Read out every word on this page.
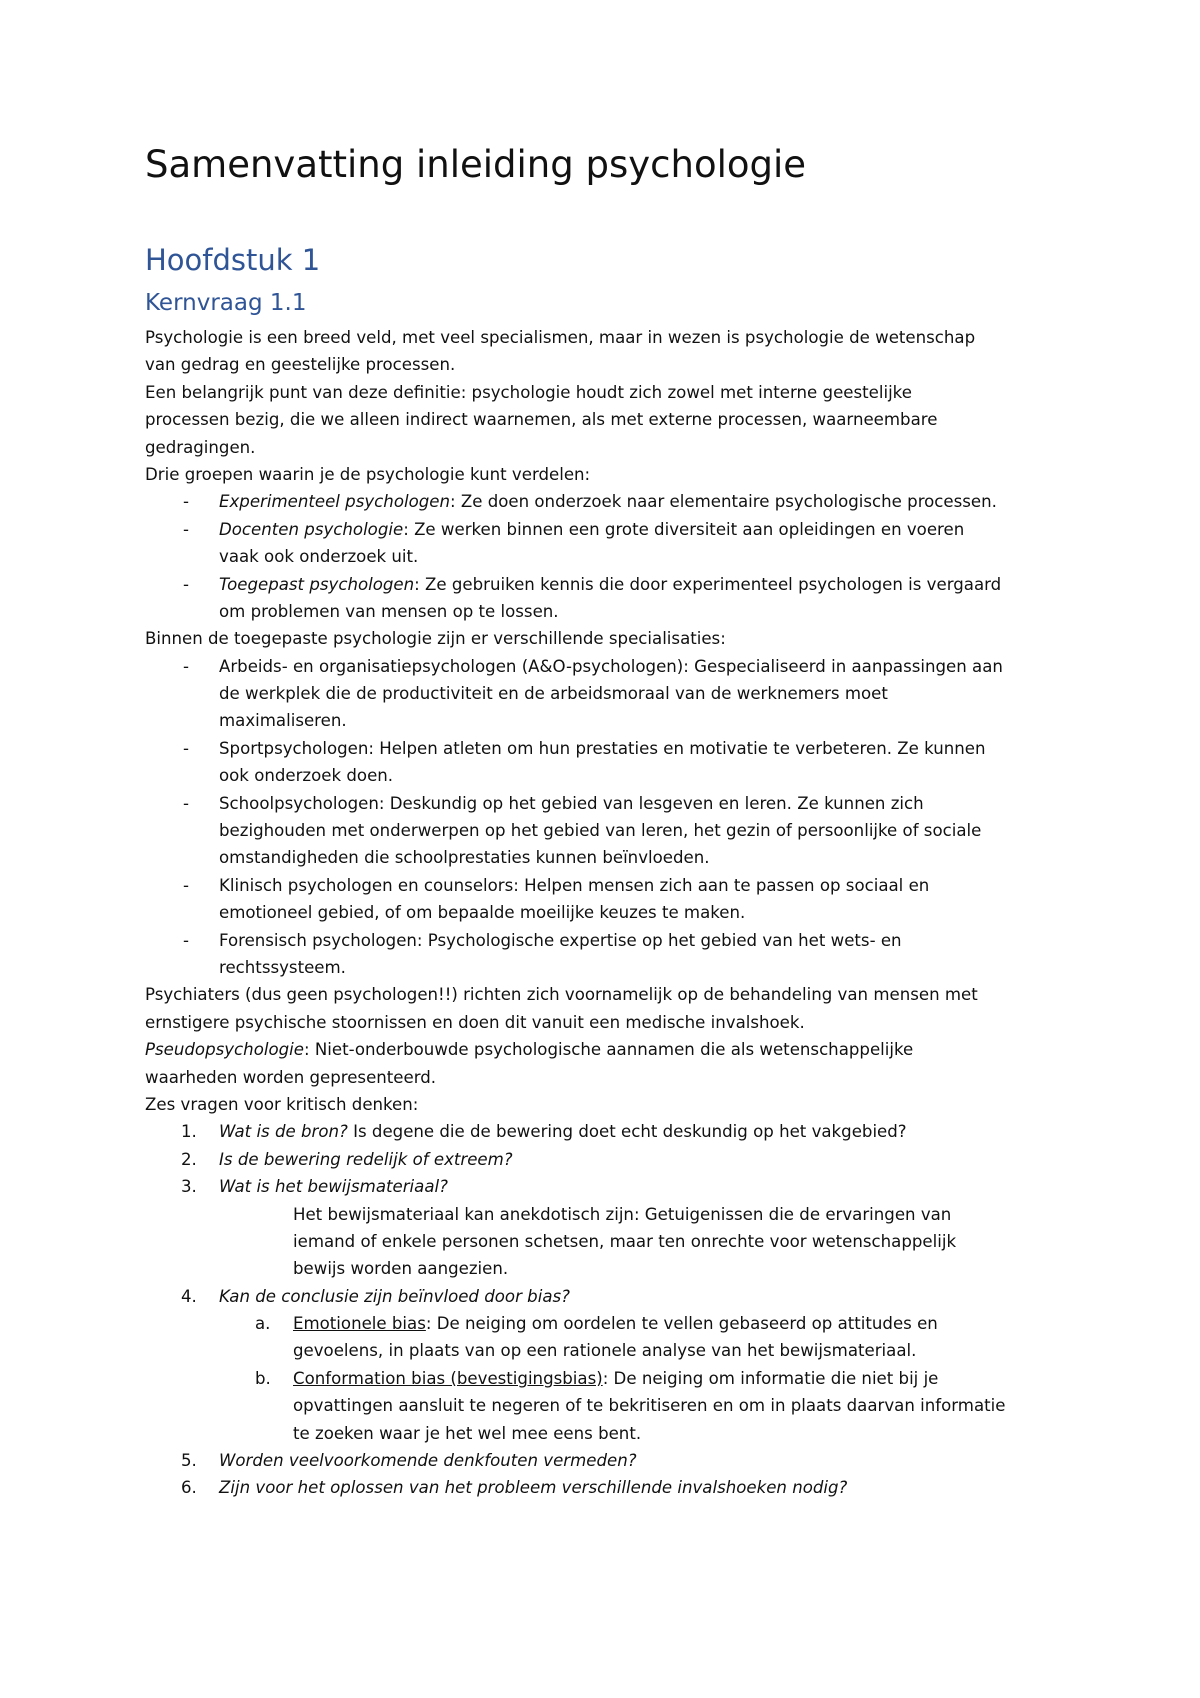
Samenvatting inleiding psychologie
Hoofdstuk 1
Kernvraag 1.1
Psychologie is een breed veld, met veel specialismen, maar in wezen is psychologie de wetenschap
van gedrag en geestelijke processen.
Een belangrijk punt van deze definitie: psychologie houdt zich zowel met interne geestelijke
processen bezig, die we alleen indirect waarnemen, als met externe processen, waarneembare
gedragingen.
Drie groepen waarin je de psychologie kunt verdelen:
- Experimenteel psychologen: Ze doen onderzoek naar elementaire psychologische processen.
- Docenten psychologie: Ze werken binnen een grote diversiteit aan opleidingen en voeren
vaak ook onderzoek uit.
- Toegepast psychologen: Ze gebruiken kennis die door experimenteel psychologen is vergaard
om problemen van mensen op te lossen.
Binnen de toegepaste psychologie zijn er verschillende specialisaties:
- Arbeids- en organisatiepsychologen (A&O-psychologen): Gespecialiseerd in aanpassingen aan
de werkplek die de productiviteit en de arbeidsmoraal van de werknemers moet
maximaliseren.
- Sportpsychologen: Helpen atleten om hun prestaties en motivatie te verbeteren. Ze kunnen
ook onderzoek doen.
- Schoolpsychologen: Deskundig op het gebied van lesgeven en leren. Ze kunnen zich
bezighouden met onderwerpen op het gebied van leren, het gezin of persoonlijke of sociale
omstandigheden die schoolprestaties kunnen beïnvloeden.
- Klinisch psychologen en counselors: Helpen mensen zich aan te passen op sociaal en
emotioneel gebied, of om bepaalde moeilijke keuzes te maken.
- Forensisch psychologen: Psychologische expertise op het gebied van het wets- en
rechtssysteem.
Psychiaters (dus geen psychologen!!) richten zich voornamelijk op de behandeling van mensen met
ernstigere psychische stoornissen en doen dit vanuit een medische invalshoek.
Pseudopsychologie: Niet-onderbouwde psychologische aannamen die als wetenschappelijke
waarheden worden gepresenteerd.
Zes vragen voor kritisch denken:
1. Wat is de bron? Is degene die de bewering doet echt deskundig op het vakgebied?
2. Is de bewering redelijk of extreem?
3. Wat is het bewijsmateriaal?
Het bewijsmateriaal kan anekdotisch zijn: Getuigenissen die de ervaringen van
iemand of enkele personen schetsen, maar ten onrechte voor wetenschappelijk
bewijs worden aangezien.
4. Kan de conclusie zijn beïnvloed door bias?
a. Emotionele bias: De neiging om oordelen te vellen gebaseerd op attitudes en
gevoelens, in plaats van op een rationele analyse van het bewijsmateriaal.
b. Conformation bias (bevestigingsbias): De neiging om informatie die niet bij je
opvattingen aansluit te negeren of te bekritiseren en om in plaats daarvan informatie
te zoeken waar je het wel mee eens bent.
5. Worden veelvoorkomende denkfouten vermeden?
6. Zijn voor het oplossen van het probleem verschillende invalshoeken nodig?
